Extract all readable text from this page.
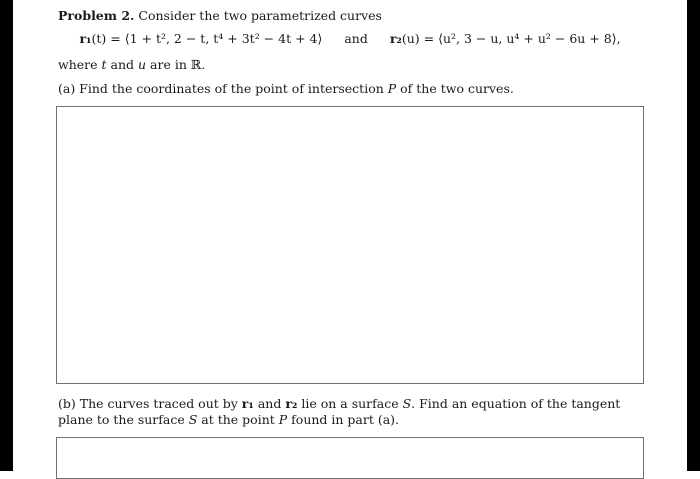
Problem 2. Consider the two parametrized curves
r₁(t) = ⟨1 + t², 2 − t, t⁴ + 3t² − 4t + 4⟩ and r₂(u) = ⟨u², 3 − u, u⁴ + u² − 6u + 8⟩,
where t and u are in ℝ.
(a) Find the coordinates of the point of intersection P of the two curves.
(b) The curves traced out by r₁ and r₂ lie on a surface S. Find an equation of the tangent plane to the surface S at the point P found in part (a).
